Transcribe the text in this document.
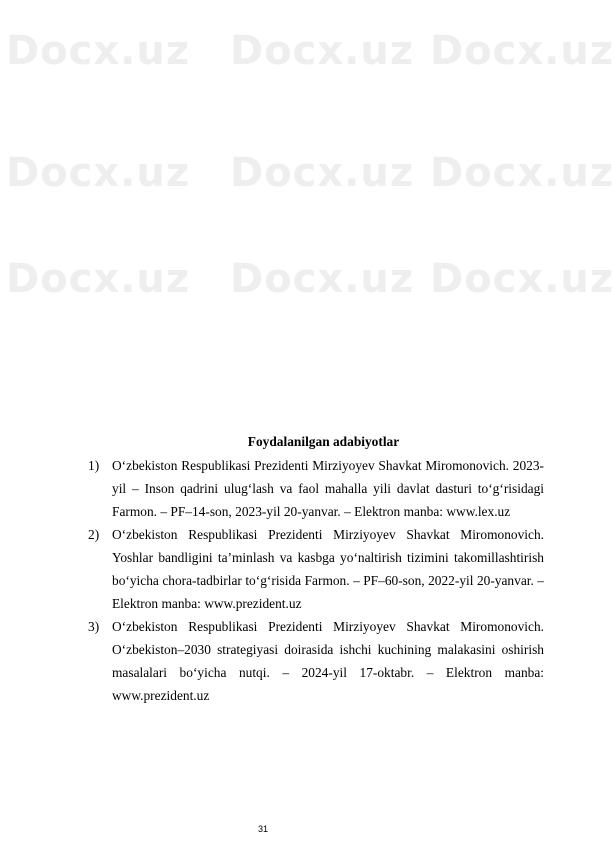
Docx.uz Docx.uz Docx.uz
Docx.uz Docx.uz Docx.uz
Docx.uz Docx.uz Docx.uz
Foydalanilgan adabiyotlar
1) O‘zbekiston Respublikasi Prezidenti Mirziyoyev Shavkat Miromonovich. 2023-yil – Inson qadrini ulug‘lash va faol mahalla yili davlat dasturi to‘g‘risidagi Farmon. – PF–14-son, 2023-yil 20-yanvar. – Elektron manba: www.lex.uz
2) O‘zbekiston Respublikasi Prezidenti Mirziyoyev Shavkat Miromonovich. Yoshlar bandligini ta’minlash va kasbga yo‘naltirish tizimini takomillashtirish bo‘yicha chora-tadbirlar to‘g‘risida Farmon. – PF–60-son, 2022-yil 20-yanvar. – Elektron manba: www.prezident.uz
3) O‘zbekiston Respublikasi Prezidenti Mirziyoyev Shavkat Miromonovich. O‘zbekiston–2030 strategiyasi doirasida ishchi kuchining malakasini oshirish masalalari bo‘yicha nutqi. – 2024-yil 17-oktabr. – Elektron manba: www.prezident.uz
31
